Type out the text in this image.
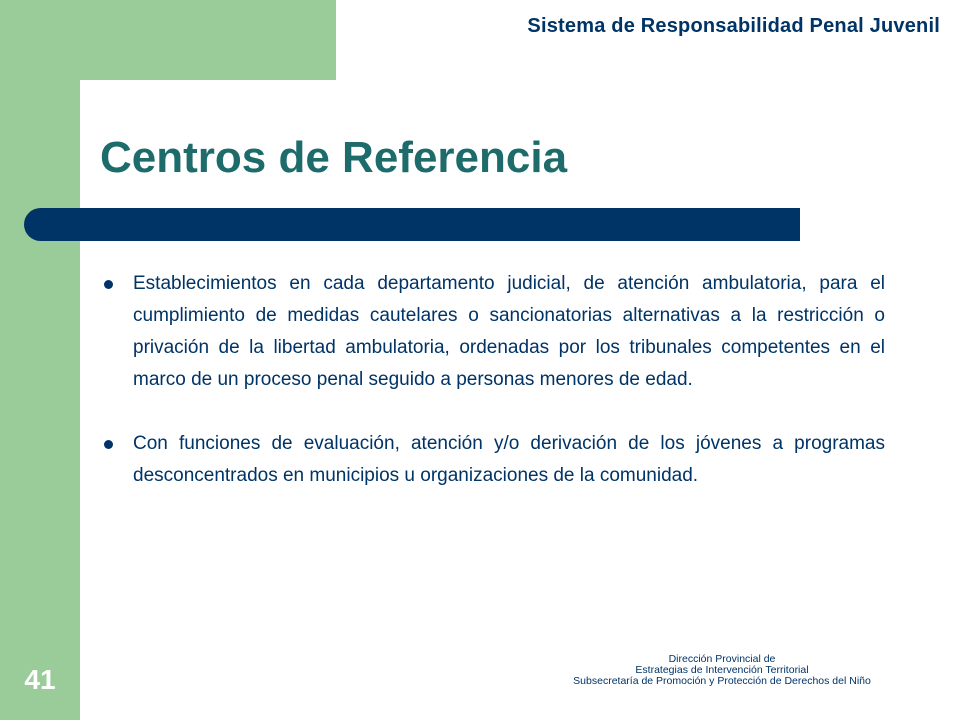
Sistema de Responsabilidad Penal Juvenil
Centros de Referencia
Establecimientos en cada departamento judicial, de atención ambulatoria, para el cumplimiento de medidas cautelares o sancionatorias alternativas a la restricción o privación de la libertad ambulatoria, ordenadas por los tribunales competentes en el marco de un proceso penal seguido a personas menores de edad.
Con funciones de evaluación, atención y/o derivación de los jóvenes a programas desconcentrados en municipios u organizaciones de la comunidad.
41
Dirección Provincial de
Estrategias de Intervención Territorial
Subsecretaría de Promoción y Protección de Derechos del Niño
